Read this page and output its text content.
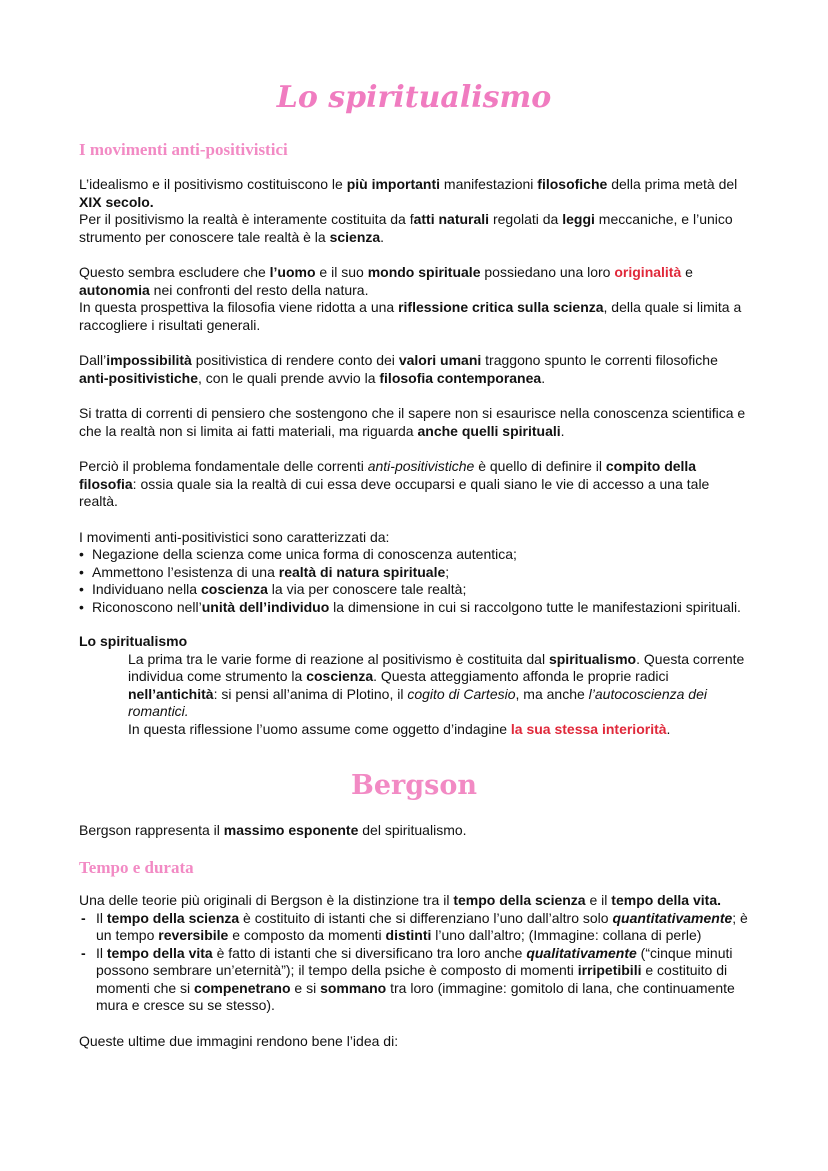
Lo spiritualismo
I movimenti anti-positivistici

L’idealismo e il positivismo costituiscono le più importanti manifestazioni filosofiche della prima metà del XIX secolo.
Per il positivismo la realtà è interamente costituita da fatti naturali regolati da leggi meccaniche, e l’unico strumento per conoscere tale realtà è la scienza.

Questo sembra escludere che l’uomo e il suo mondo spirituale possiedano una loro originalità e autonomia nei confronti del resto della natura.
In questa prospettiva la filosofia viene ridotta a una riflessione critica sulla scienza, della quale si limita a raccogliere i risultati generali.

Dall’impossibilità positivistica di rendere conto dei valori umani traggono spunto le correnti filosofiche anti-positivistiche, con le quali prende avvio la filosofia contemporanea.

Si tratta di correnti di pensiero che sostengono che il sapere non si esaurisce nella conoscenza scientifica e che la realtà non si limita ai fatti materiali, ma riguarda anche quelli spirituali.

Perciò il problema fondamentale delle correnti anti-positivistiche è quello di definire il compito della filosofia: ossia quale sia la realtà di cui essa deve occuparsi e quali siano le vie di accesso a una tale realtà.

I movimenti anti-positivistici sono caratterizzati da:

• Negazione della scienza come unica forma di conoscenza autentica;
• Ammettono l’esistenza di una realtà di natura spirituale;
• Individuano nella coscienza la via per conoscere tale realtà;
• Riconoscono nell’unità dell’individuo la dimensione in cui si raccolgono tutte le manifestazioni spirituali.

Lo spiritualismo

La prima tra le varie forme di reazione al positivismo è costituita dal spiritualismo. Questa corrente individua come strumento la coscienza. Questa atteggiamento affonda le proprie radici nell’antichità: si pensi all’anima di Plotino, il cogito di Cartesio, ma anche l’autocoscienza dei romantici.

In questa riflessione l’uomo assume come oggetto d’indagine la sua stessa interiorità.

Bergson
Bergson rappresenta il massimo esponente del spiritualismo.
Tempo e durata

Una delle teorie più originali di Bergson è la distinzione tra il tempo della scienza e il tempo della vita.

- Il tempo della scienza è costituito di istanti che si differenziano l’uno dall’altro solo quantitativamente; è un tempo reversibile e composto da momenti distinti l’uno dall’altro; (Immagine: collana di perle)
- Il tempo della vita è fatto di istanti che si diversificano tra loro anche qualitativamente (“cinque minuti possono sembrare un’eternità”); il tempo della psiche è composto di momenti irripetibili e costituito di momenti che si compenetrano e si sommano tra loro (immagine: gomitolo di lana, che continuamente mura e cresce su se stesso).

Queste ultime due immagini rendono bene l’idea di:
